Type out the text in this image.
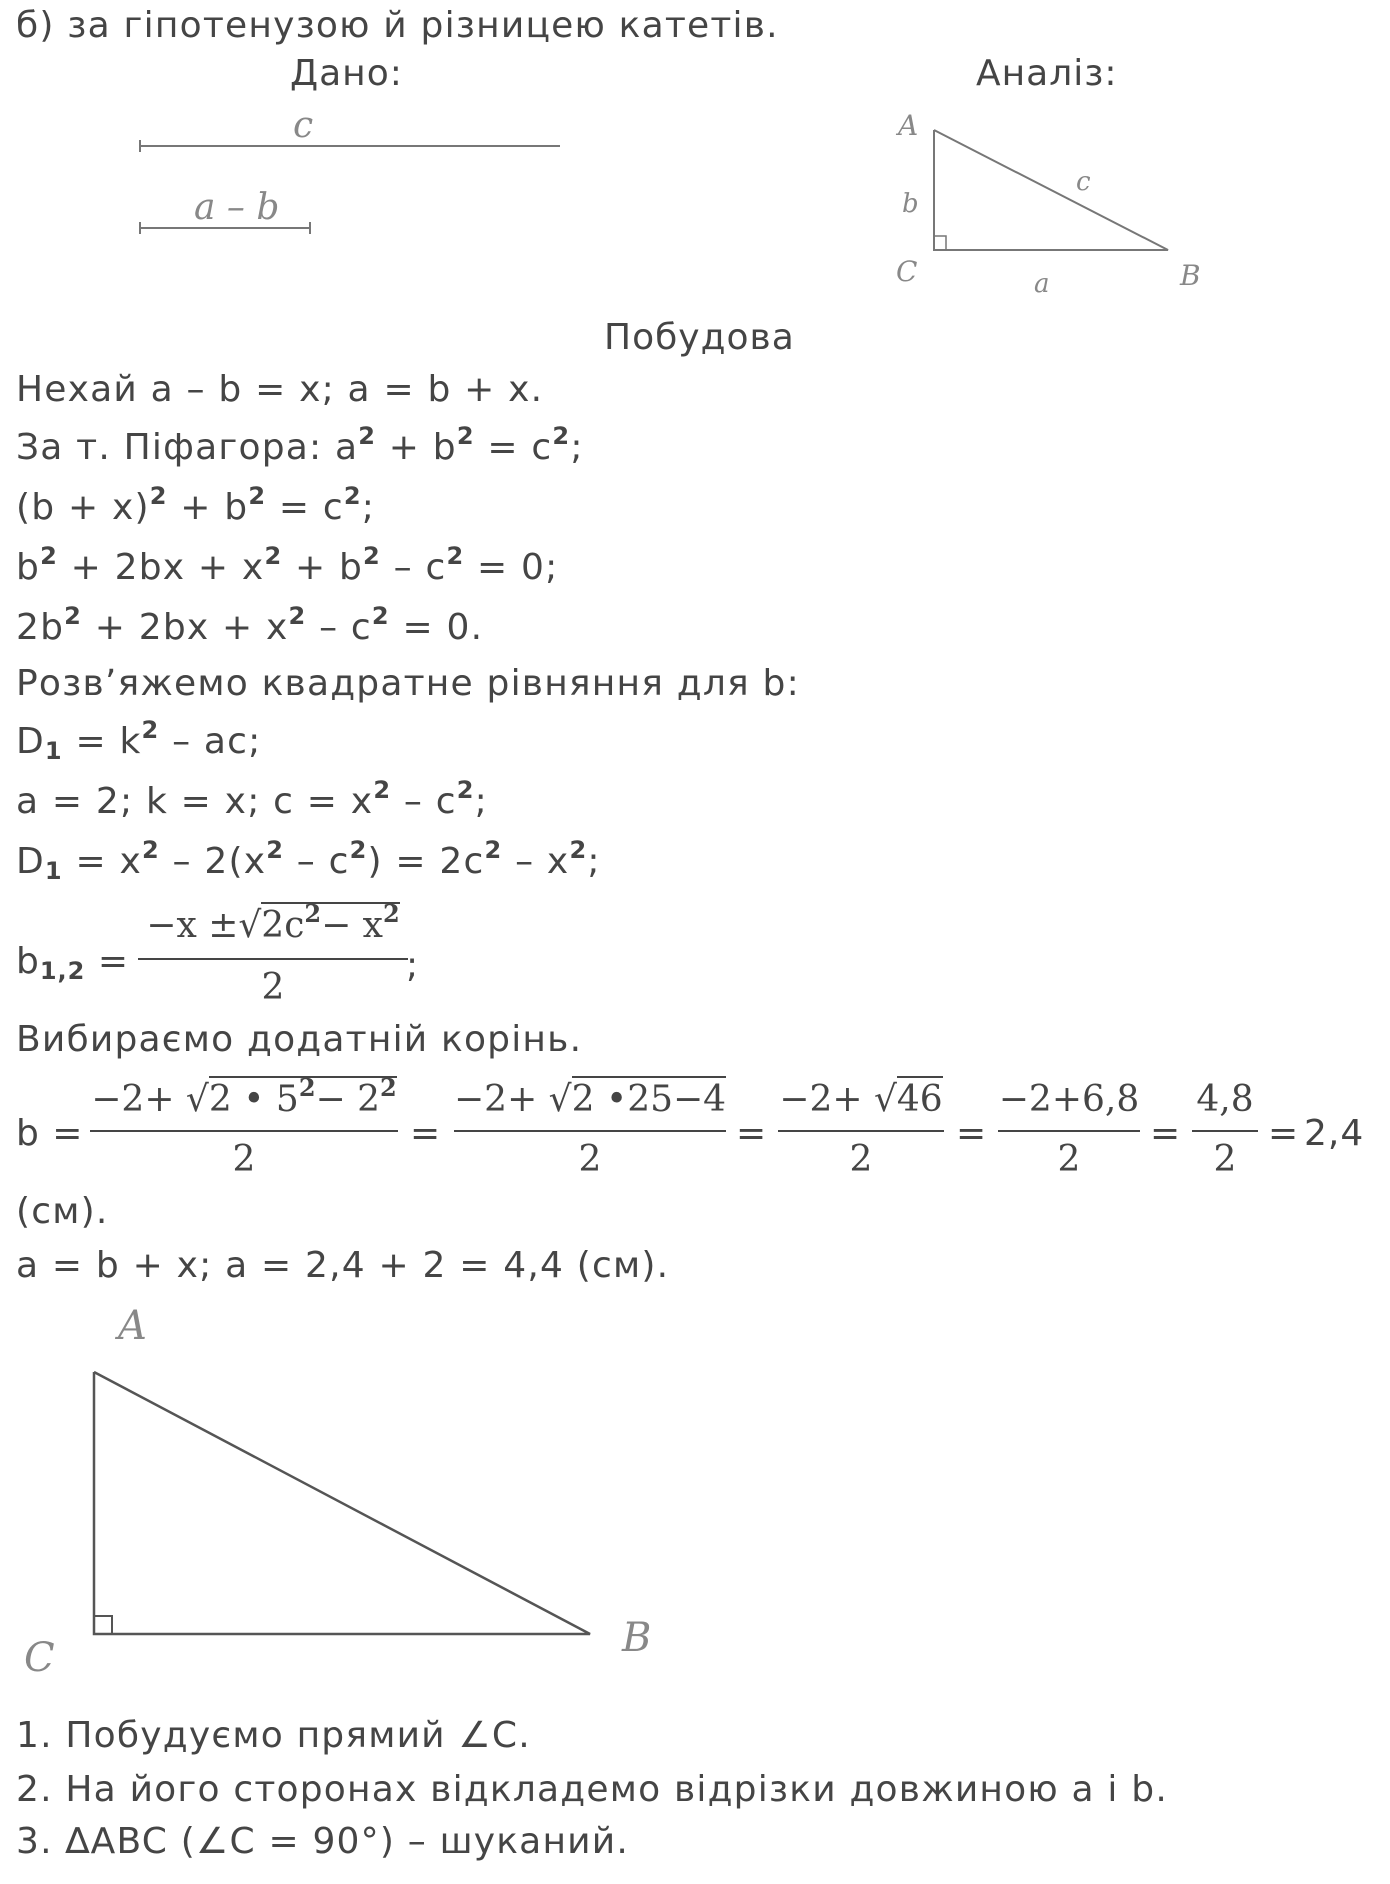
б) за гіпотенузою й різницею катетів.

Дано:	Аналіз:
c
a – b
A
C	B
b
c
a
Побудова

Нехай a – b = x; a = b + x.

За т. Піфагора: $a^2 + b^2 = c^2$;

$(b + x)^2 + b^2 = c^2$;

$b^2 + 2bx + x^2 + b^2 - c^2 = 0$;

$2b^2 + 2bx + x^2 - c^2 = 0$.

Розв’яжемо квадратне рівняння для b:

$D_1 = k^2$ – ac;

a = 2; k = x; $c = x^2 - c^2$;

$D_1 = x^2 - 2(x^2 - c^2) = 2c^2 - x^2$;

$b_{1,2}$ =
$-x \pm√2c^2- x^2$
2
;

Вибираємо додатній корінь.

b =
−2+ √2 • $5^2- 2^2$
2
=
−2+ √2 •25−4
2
=
−2+ √46
2
=
−2+6,8
2
=
4,8
2
= 2,4

(см).

a = b + x; a = 2,4 + 2 = 4,4 (см).

A
C	B

1. Побудуємо прямий ∠C.

2. На його сторонах відкладемо відрізки довжиною a і b.

3. ∆ABC (∠C = 90°) – шуканий.
